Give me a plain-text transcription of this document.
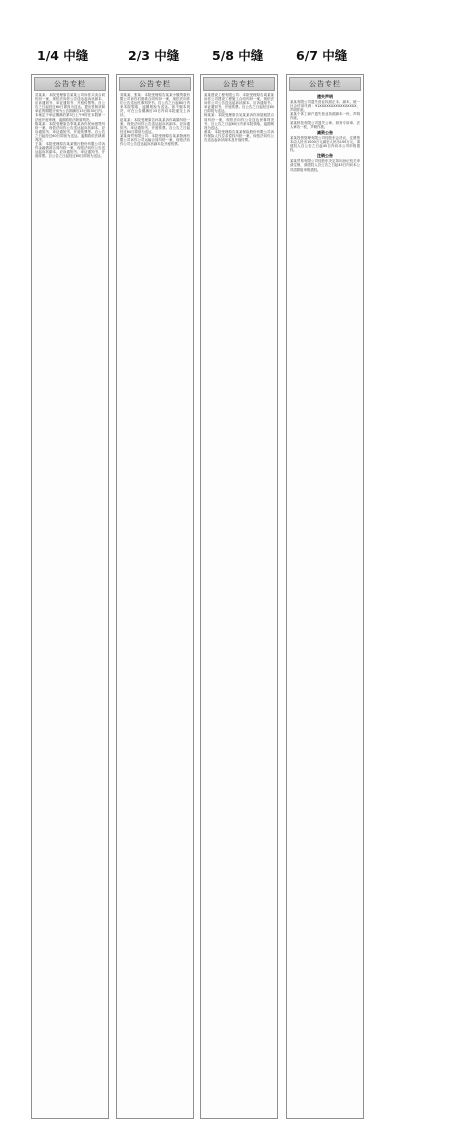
1/4 中缝	2/3 中缝	5/8 中缝	6/7 中缝
公告专栏

武某某：本院受理原告某某公司诉你买卖合同纠纷一案，现依法向你公告送达起诉状副本、应诉通知书、举证通知书、开庭传票等。自公告之日起经过60日即视为送达。提出答辩状和举证的期限分别为公告期满后15日和30日内。本案定于举证期满后第3日上午9时在本院第一法庭开庭审理，逾期将依法缺席判决。

陈某某：本院受理原告李某某诉你民间借贷纠纷一案，现依法向你公告送达起诉状副本、应诉通知书、举证通知书、开庭传票等。自公告之日起经过60日即视为送达。逾期将依法缺席判决。

王某：本院受理原告某某银行股份有限公司诉你金融借款合同纠纷一案，现依法向你公告送达起诉状副本、应诉通知书、举证通知书、开庭传票。自公告之日起经过60日即视为送达。

公告专栏

刘某某、张某：本院受理原告某某小额贷款有限公司诉你们借款合同纠纷一案，现依法向你们公告送达民事判决书。自公告之日起60日内来本院领取，逾期则视为送达。如不服本判决，可在公告期满后15日内向本院递交上诉状。

赵某某：本院受理原告孙某某诉你离婚纠纷一案，现依法向你公告送达起诉状副本、应诉通知书、举证通知书、开庭传票。自公告之日起经过60日即视为送达。

某某商贸有限公司：本院受理原告某某物流有限公司诉你公司运输合同纠纷一案，现依法向你公司公告送达起诉状副本及开庭传票。

公告专栏

某某建设工程有限公司：本院受理原告周某某诉你公司建设工程施工合同纠纷一案，现依法向你公司公告送达起诉状副本、应诉通知书、举证通知书、开庭传票。自公告之日起经过60日即视为送达。

杨某某：本院受理原告吴某某诉你房屋租赁合同纠纷一案，现依法向你公告送达民事判决书，自公告之日起60日内来本院领取，逾期则视为送达。

黄某：本院受理原告某某保险股份有限公司诉你保险人代位求偿权纠纷一案，现依法向你公告送达起诉状副本及开庭传票。

公告专栏

遗失声明

某某有限公司遗失营业执照正本、副本，统一社会信用代码：91XXXXXXXXXXXXXXXX，声明作废。

某某个体工商户遗失营业执照副本一份，声明作废。

某某科技有限公司遗失公章、财务专用章、法人章各一枚，声明作废。

减资公告

某某投资管理有限公司经股东会决议，注册资本由人民币1000万元减至人民币100万元。请债权人自公告之日起45日内向本公司申报债权。

注销公告

某某贸易有限公司经股东决定拟向登记机关申请注销，请债权人自公告之日起45日内向本公司清算组申报债权。
